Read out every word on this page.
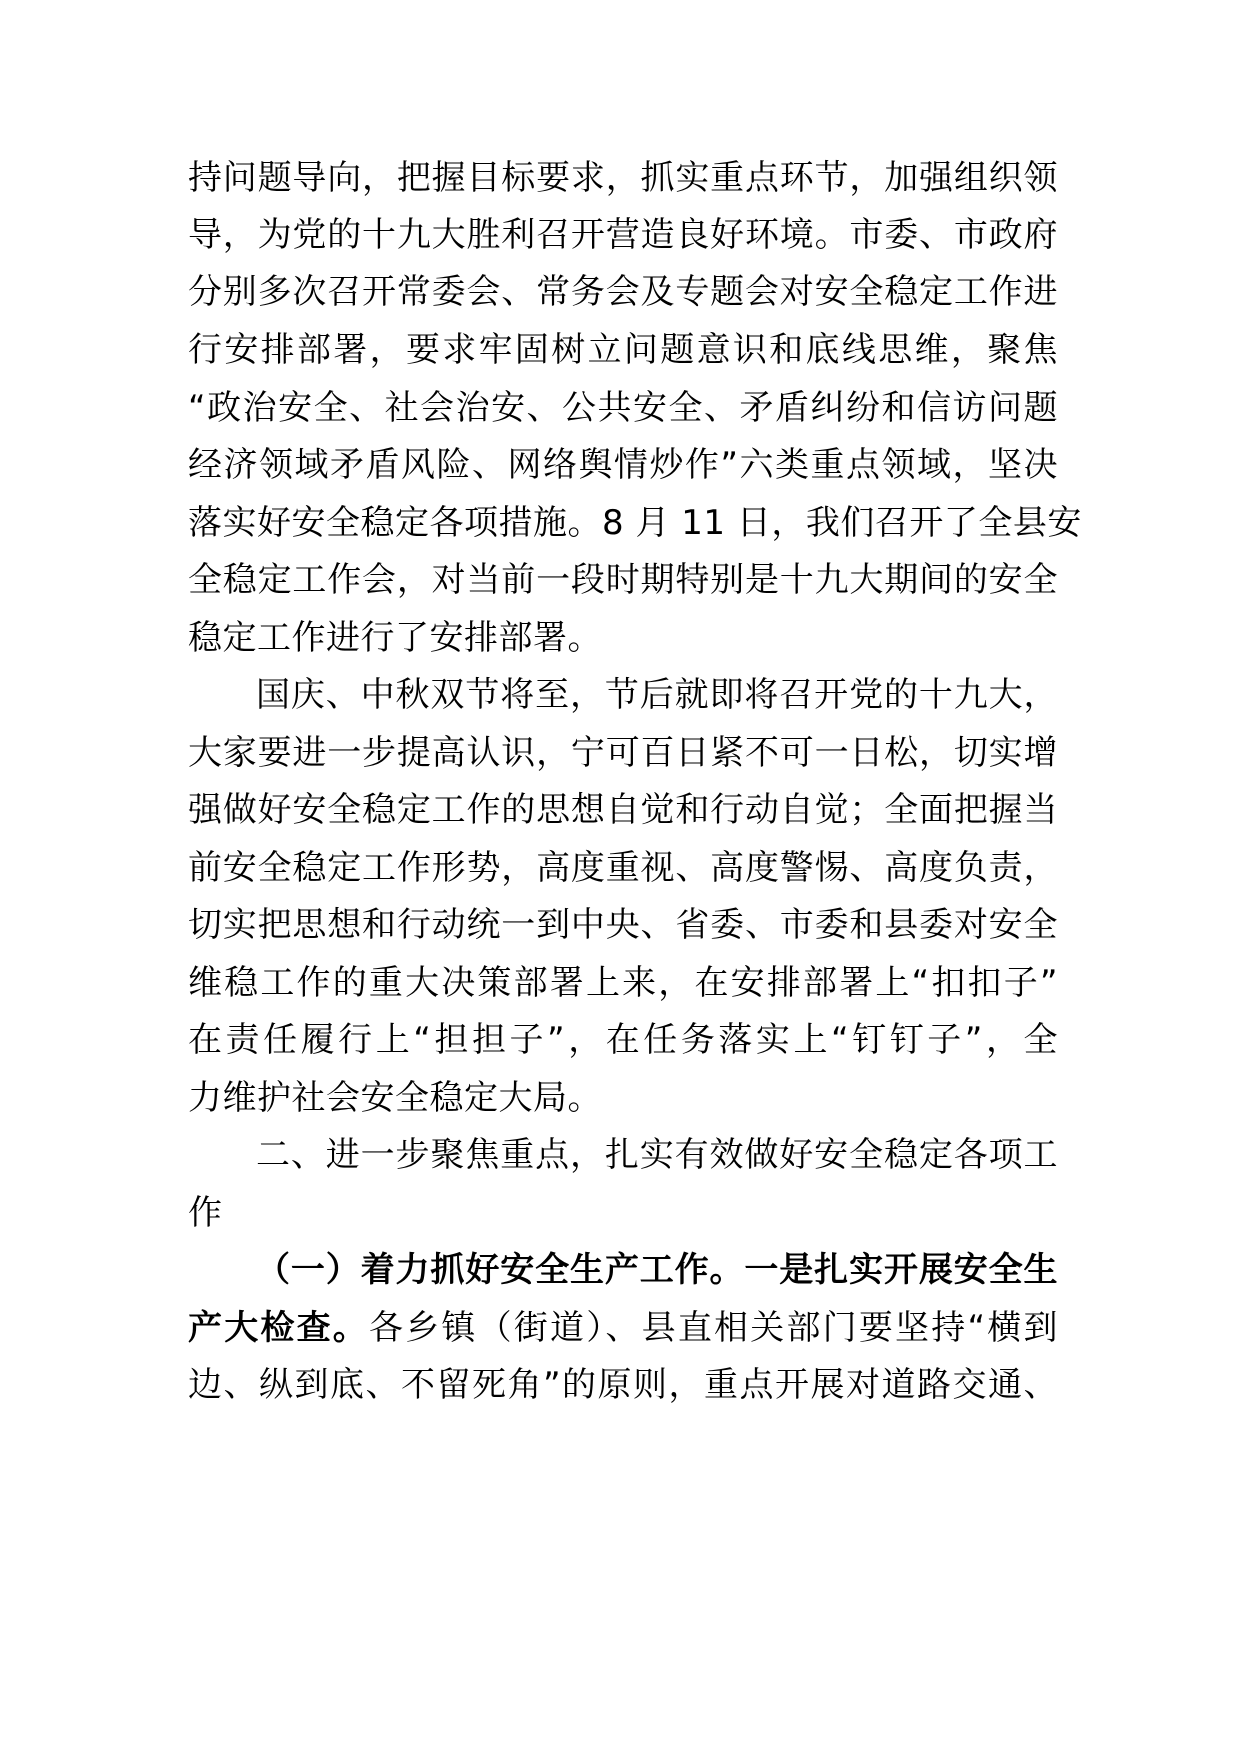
持问题导向，把握目标要求，抓实重点环节，加强组织领
导，为党的十九大胜利召开营造良好环境。市委、市政府
分别多次召开常委会、常务会及专题会对安全稳定工作进
行安排部署，要求牢固树立问题意识和底线思维，聚焦
“政治安全、社会治安、公共安全、矛盾纠纷和信访问题
经济领域矛盾风险、网络舆情炒作”六类重点领域，坚决
落实好安全稳定各项措施。8 月 11 日，我们召开了全县安
全稳定工作会，对当前一段时期特别是十九大期间的安全
稳定工作进行了安排部署。
国庆、中秋双节将至，节后就即将召开党的十九大，
大家要进一步提高认识，宁可百日紧不可一日松，切实增
强做好安全稳定工作的思想自觉和行动自觉；全面把握当
前安全稳定工作形势，高度重视、高度警惕、高度负责，
切实把思想和行动统一到中央、省委、市委和县委对安全
维稳工作的重大决策部署上来，在安排部署上“扣扣子”
在责任履行上“担担子”，在任务落实上“钉钉子”，全
力维护社会安全稳定大局。
二、进一步聚焦重点，扎实有效做好安全稳定各项工
作
（一）着力抓好安全生产工作。一是扎实开展安全生
产大检查。各乡镇（街道）、县直相关部门要坚持“横到
边、纵到底、不留死角”的原则，重点开展对道路交通、
